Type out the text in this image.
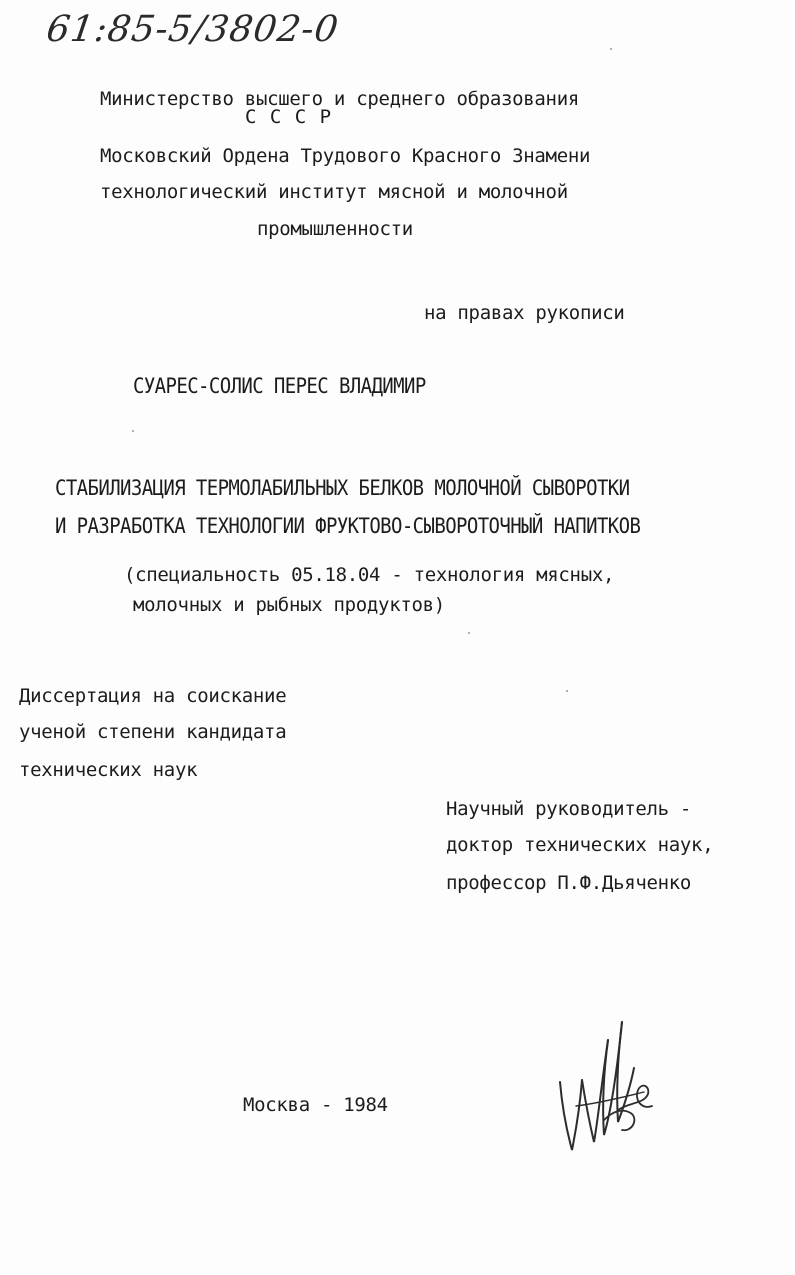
61:85-5/3802-0
Министерство высшего и среднего образования
С С С Р
Московский Ордена Трудового Красного Знамени
технологический институт мясной и молочной
промышленности
на правах рукописи
СУАРЕС-СОЛИС ПЕРЕС ВЛАДИМИР
СТАБИЛИЗАЦИЯ ТЕРМОЛАБИЛЬНЫХ БЕЛКОВ МОЛОЧНОЙ СЫВОРОТКИ
И РАЗРАБОТКА ТЕХНОЛОГИИ ФРУКТОВО-СЫВОРОТОЧНЫЙ НАПИТКОВ
(специальность 05.18.04 - технология мясных,
молочных и рыбных продуктов)
Диссертация на соискание
ученой степени кандидата
технических наук
Научный руководитель -
доктор технических наук,
профессор П.Ф.Дьяченко
Москва - 1984
